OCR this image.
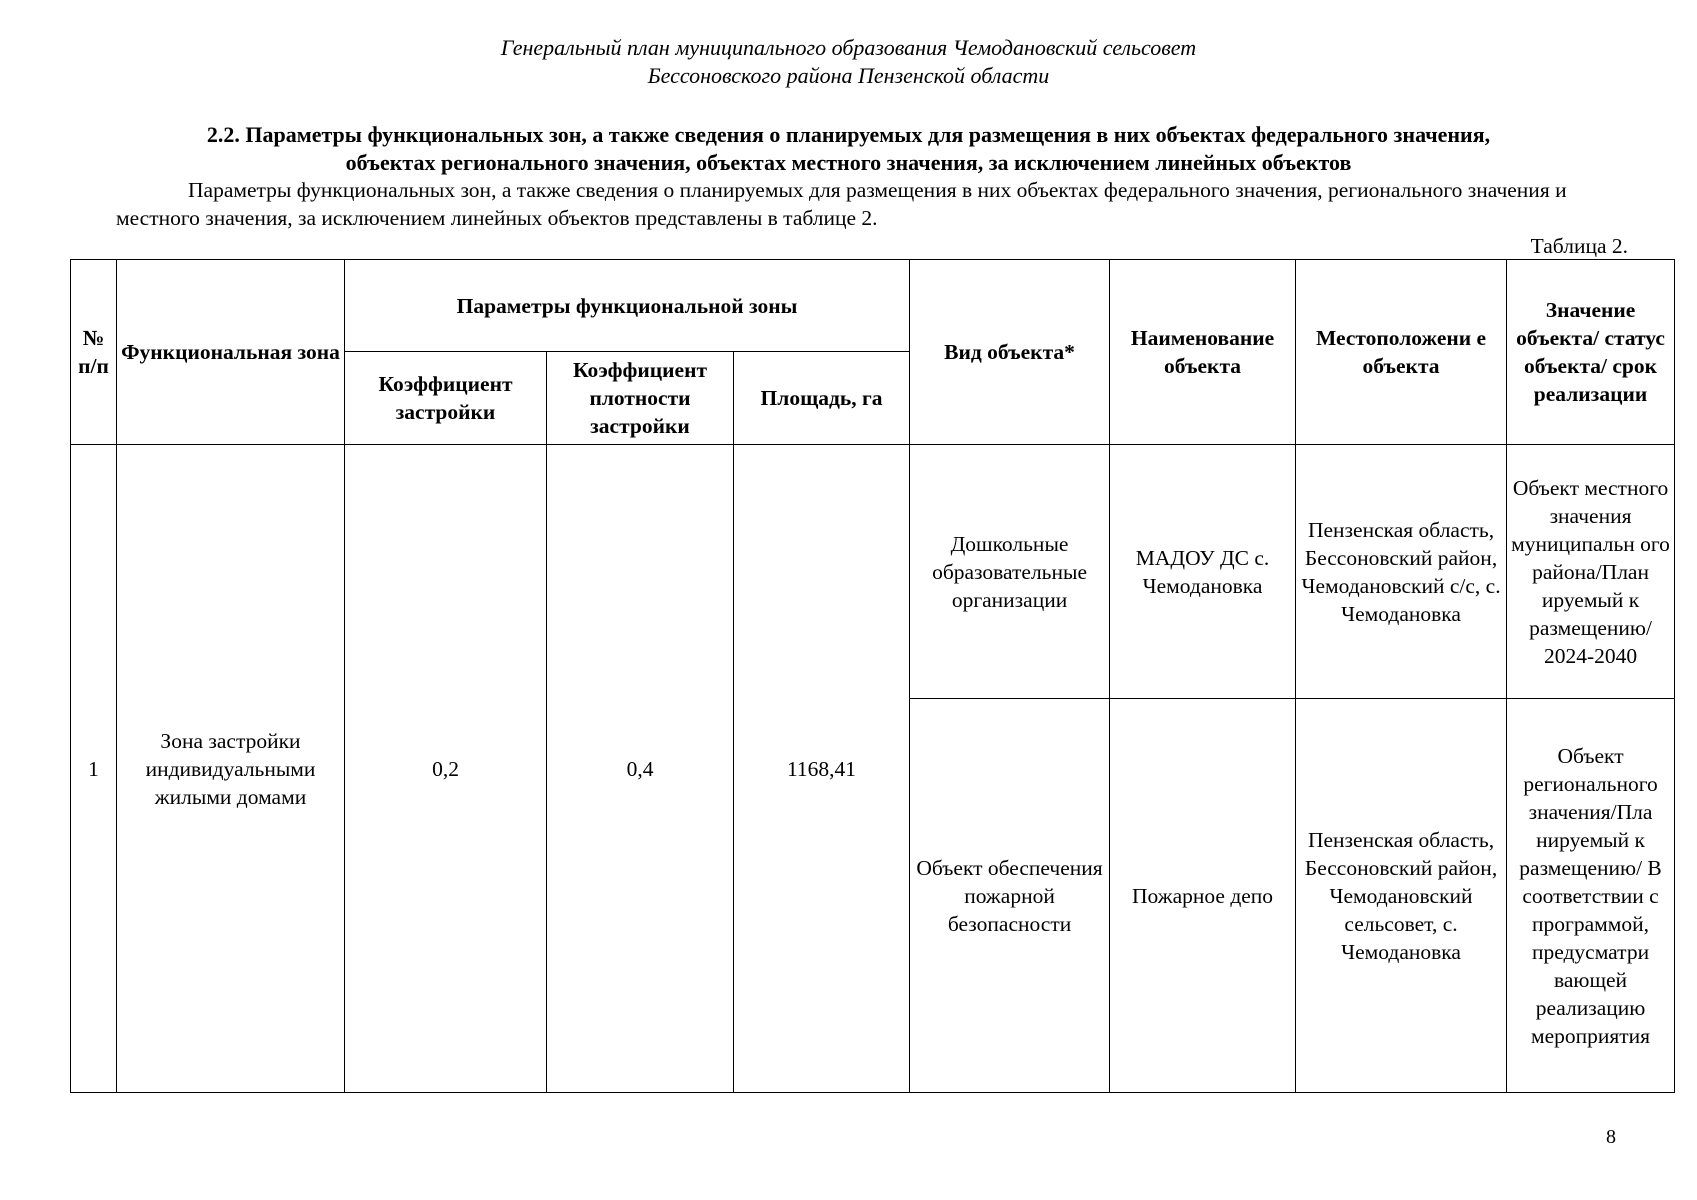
Генеральный план муниципального образования Чемодановский сельсовет
Бессоновского района Пензенской области
2.2. Параметры функциональных зон, а также сведения о планируемых для размещения в них объектах федерального значения,
объектах регионального значения, объектах местного значения, за исключением линейных объектов
Параметры функциональных зон, а также сведения о планируемых для размещения в них объектах федерального значения, регионального значения и местного значения, за исключением линейных объектов представлены в таблице 2.
Таблица 2.
№ п/п	Функциональная зона	Параметры функциональной зоны			Вид объекта*	Наименование объекта	Местоположени е объекта	Значение объекта/ статус объекта/ срок реализации
		Коэффициент застройки	Коэффициент плотности застройки	Площадь, га				
1	Зона застройки индивидуальными жилыми домами	0,2	0,4	1168,41	Дошкольные образовательные организации	МАДОУ ДС с. Чемодановка	Пензенская область, Бессоновский район, Чемодановский с/с, с. Чемодановка	Объект местного значения муниципальн ого района/План ируемый к размещению/ 2024-2040
					Объект обеспечения пожарной безопасности	Пожарное депо	Пензенская область, Бессоновский район, Чемодановский сельсовет, с. Чемодановка	Объект регионального значения/Пла нируемый к размещению/ В соответствии с программой, предусматри вающей реализацию мероприятия
8
